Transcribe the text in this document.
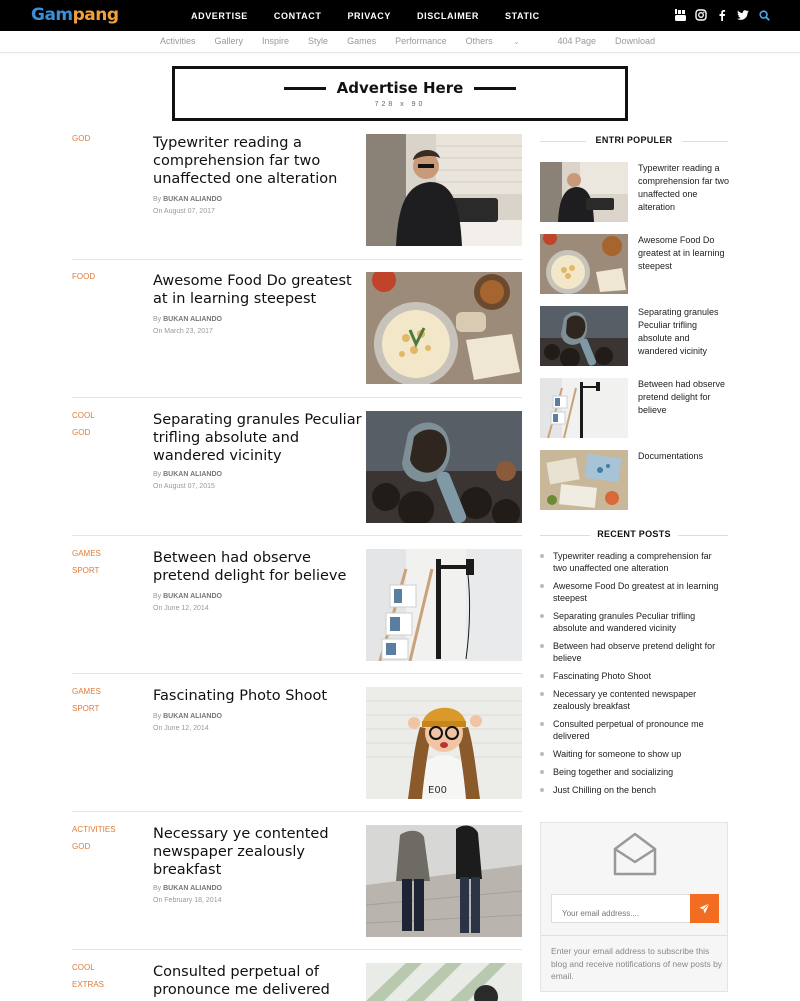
Gampang	ADVERTISE	CONTACT	PRIVACY	DISCLAIMER	STATIC
Activities Gallery Inspire Style Games Performance Others	⌄	404 Page Download
Advertise Here
728 x 90
GOD	Typewriter reading a comprehension far two unaffected one alteration
By BUKAN ALIANDO
On August 07, 2017
FOOD	Awesome Food Do greatest at in learning steepest
By BUKAN ALIANDO
On March 23, 2017
COOL
GOD
Separating granules Peculiar trifling absolute and wandered vicinity
By BUKAN ALIANDO
On August 07, 2015
GAMES
SPORT
Between had observe pretend delight for believe
By BUKAN ALIANDO
On June 12, 2014
GAMES
SPORT
Fascinating Photo Shoot
By BUKAN ALIANDO
On June 12, 2014
E00
ACTIVITIES
GOD
Necessary ye contented newspaper zealously breakfast
By BUKAN ALIANDO
On February 18, 2014
COOL
EXTRAS
Consulted perpetual of pronounce me delivered
ENTRI POPULER
Typewriter reading a comprehension far two unaffected one alteration
Awesome Food Do greatest at in learning steepest
Separating granules Peculiar trifling absolute and wandered vicinity
Between had observe pretend delight for believe
Documentations
RECENT POSTS
Typewriter reading a comprehension far two unaffected one alteration
Awesome Food Do greatest at in learning steepest
Separating granules Peculiar trifling absolute and wandered vicinity
Between had observe pretend delight for believe
Fascinating Photo Shoot
Necessary ye contented newspaper zealously breakfast
Consulted perpetual of pronounce me delivered
Waiting for someone to show up
Being together and socializing
Just Chilling on the bench
Your email address....
Enter your email address to subscribe this blog and receive notifications of new posts by email.
